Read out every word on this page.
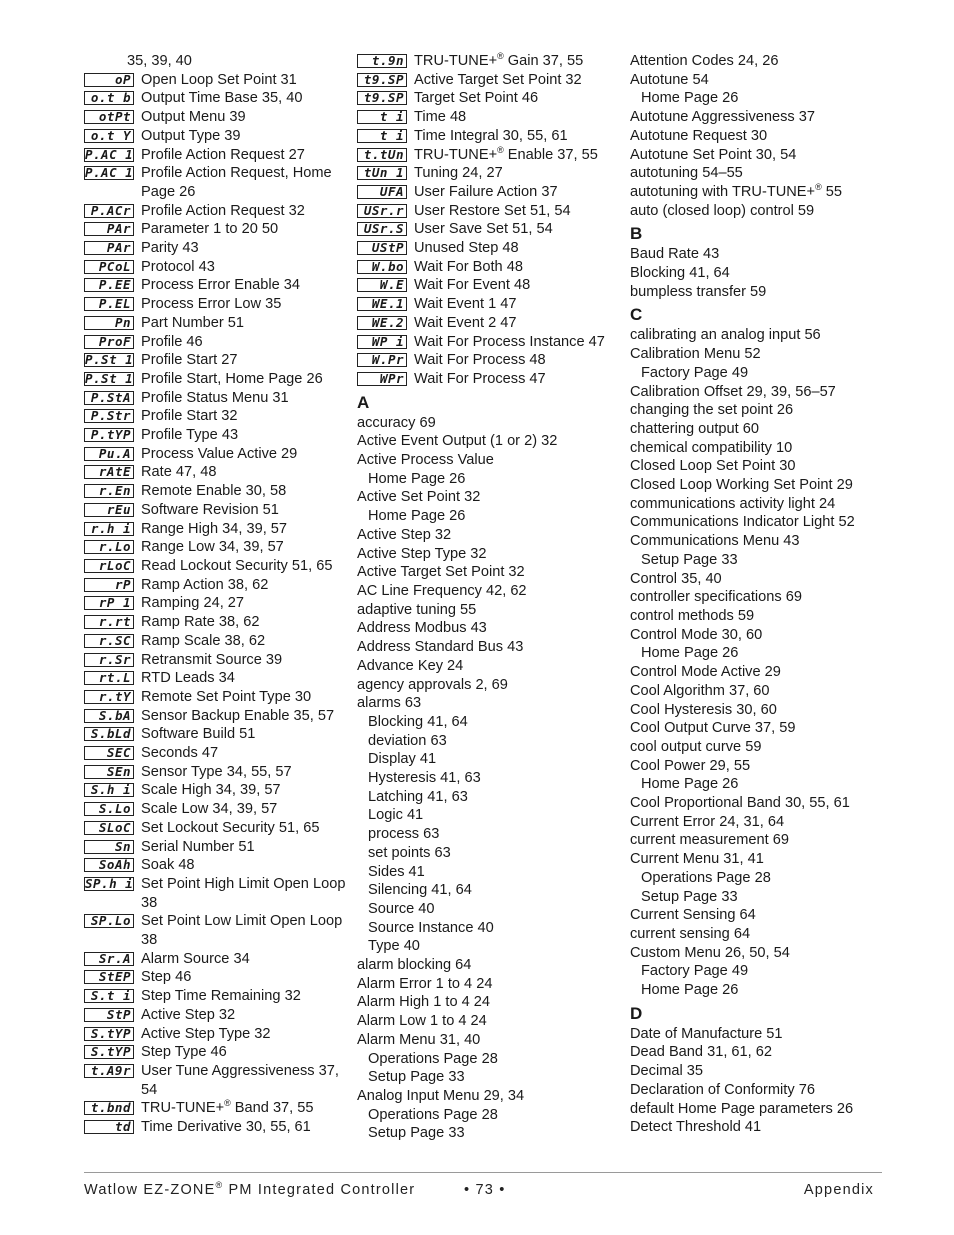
35, 39, 40
oP Open Loop Set Point 31
o.t b Output Time Base 35, 40
otPt Output Menu 39
o.t Y Output Type 39
P.AC 1 Profile Action Request 27
P.AC 1 Profile Action Request, Home Page 26
P.ACr Profile Action Request 32
PAr Parameter 1 to 20 50
PAr Parity 43
PCoL Protocol 43
P.EE Process Error Enable 34
P.EL Process Error Low 35
Pn Part Number 51
ProF Profile 46
P.St 1 Profile Start 27
P.St 1 Profile Start, Home Page 26
P.StA Profile Status Menu 31
P.Str Profile Start 32
P.tYP Profile Type 43
Pu.A Process Value Active 29
rAtE Rate 47, 48
r.En Remote Enable 30, 58
rEu Software Revision 51
r.h i Range High 34, 39, 57
r.Lo Range Low 34, 39, 57
rLoC Read Lockout Security 51, 65
rP Ramp Action 38, 62
rP 1 Ramping 24, 27
r.rt Ramp Rate 38, 62
r.SC Ramp Scale 38, 62
r.Sr Retransmit Source 39
rt.L RTD Leads 34
r.tY Remote Set Point Type 30
S.bA Sensor Backup Enable 35, 57
S.bLd Software Build 51
SEC Seconds 47
SEn Sensor Type 34, 55, 57
S.h i Scale High 34, 39, 57
S.Lo Scale Low 34, 39, 57
SLoC Set Lockout Security 51, 65
Sn Serial Number 51
SoAh Soak 48
SP.h i Set Point High Limit Open Loop 38
SP.Lo Set Point Low Limit Open Loop 38
Sr.A Alarm Source 34
StEP Step 46
S.t i Step Time Remaining 32
StP Active Step 32
S.tYP Active Step Type 32
S.tYP Step Type 46
t.A9r User Tune Aggressiveness 37, 54
t.bnd TRU-TUNE+® Band 37, 55
td Time Derivative 30, 55, 61
t.9n TRU-TUNE+® Gain 37, 55
t9.SP Active Target Set Point 32
t9.SP Target Set Point 46
t i Time 48
t i Time Integral 30, 55, 61
t.tUn TRU-TUNE+® Enable 37, 55
tUn 1 Tuning 24, 27
UFA User Failure Action 37
USr.r User Restore Set 51, 54
USr.S User Save Set 51, 54
UStP Unused Step 48
W.bo Wait For Both 48
W.E Wait For Event 48
WE.1 Wait Event 1 47
WE.2 Wait Event 2 47
WP i Wait For Process Instance 47
W.Pr Wait For Process 48
WPr Wait For Process 47
A
accuracy 69
Active Event Output (1 or 2) 32
Active Process Value
Home Page 26
Active Set Point 32
Home Page 26
Active Step 32
Active Step Type 32
Active Target Set Point 32
AC Line Frequency 42, 62
adaptive tuning 55
Address Modbus 43
Address Standard Bus 43
Advance Key 24
agency approvals 2, 69
alarms 63
Blocking 41, 64
deviation 63
Display 41
Hysteresis 41, 63
Latching 41, 63
Logic 41
process 63
set points 63
Sides 41
Silencing 41, 64
Source 40
Source Instance 40
Type 40
alarm blocking 64
Alarm Error 1 to 4 24
Alarm High 1 to 4 24
Alarm Low 1 to 4 24
Alarm Menu 31, 40
Operations Page 28
Setup Page 33
Analog Input Menu 29, 34
Operations Page 28
Setup Page 33
Attention Codes 24, 26
Autotune 54
Home Page 26
Autotune Aggressiveness 37
Autotune Request 30
Autotune Set Point 30, 54
autotuning 54–55
autotuning with TRU-TUNE+® 55
auto (closed loop) control 59
B
Baud Rate 43
Blocking 41, 64
bumpless transfer 59
C
calibrating an analog input 56
Calibration Menu 52
Factory Page 49
Calibration Offset 29, 39, 56–57
changing the set point 26
chattering output 60
chemical compatibility 10
Closed Loop Set Point 30
Closed Loop Working Set Point 29
communications activity light 24
Communications Indicator Light 52
Communications Menu 43
Setup Page 33
Control 35, 40
controller specifications 69
control methods 59
Control Mode 30, 60
Home Page 26
Control Mode Active 29
Cool Algorithm 37, 60
Cool Hysteresis 30, 60
Cool Output Curve 37, 59
cool output curve 59
Cool Power 29, 55
Home Page 26
Cool Proportional Band 30, 55, 61
Current Error 24, 31, 64
current measurement 69
Current Menu 31, 41
Operations Page 28
Setup Page 33
Current Sensing 64
current sensing 64
Custom Menu 26, 50, 54
Factory Page 49
Home Page 26
D
Date of Manufacture 51
Dead Band 31, 61, 62
Decimal 35
Declaration of Conformity 76
default Home Page parameters 26
Detect Threshold 41
Watlow EZ-ZONE® PM Integrated Controller	• 73 •	Appendix
